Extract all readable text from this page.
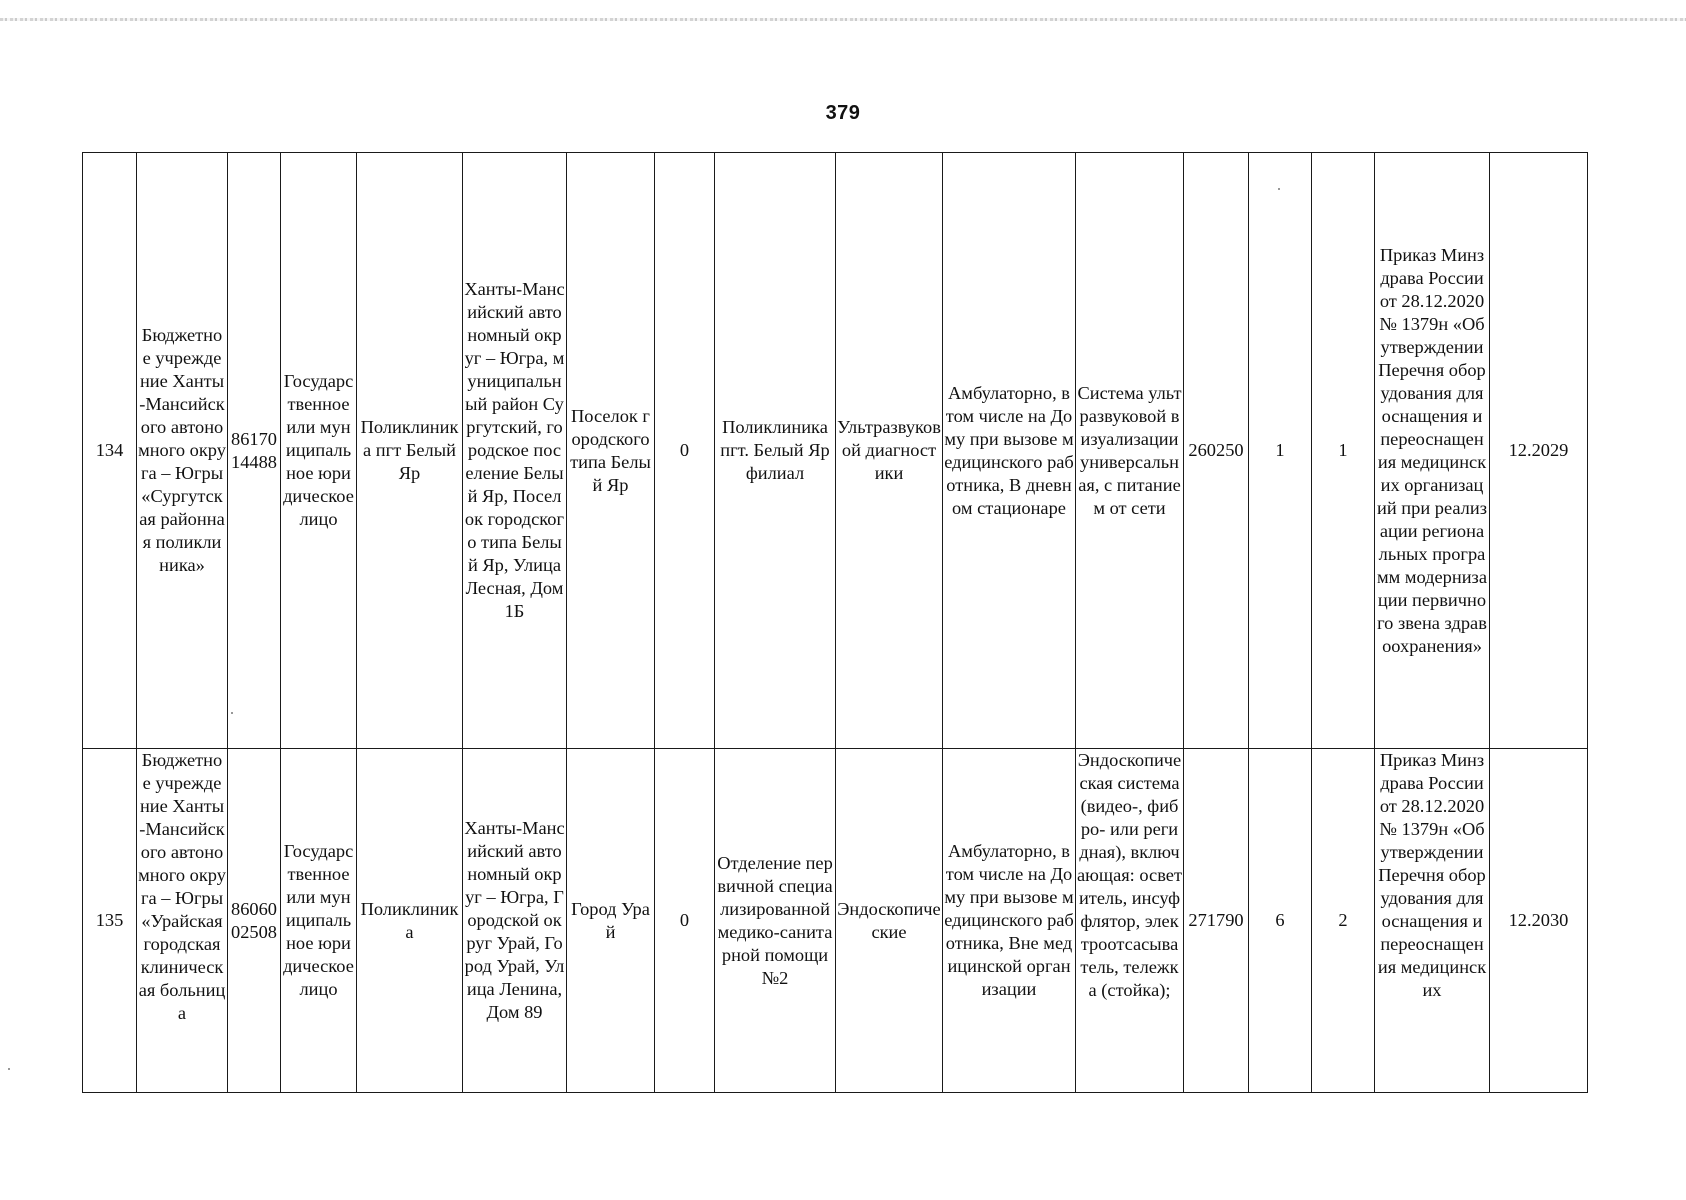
379
134	Бюджетное учреждение Ханты-Мансийского автономного округа – Югры «Сургутская районная поликлиника»	8617014488	Государственное или муниципальное юридическое лицо	Поликлиника пгт Белый Яр	Ханты-Мансийский автономный округ – Югра, муниципальный район Сургутский, городское поселение Белый Яр, Поселок городского типа Белый Яр, Улица Лесная, Дом 1Б	Поселок городского типа Белый Яр	0	Поликлиника пгт. Белый Яр филиал	Ультразвуковой диагностики	Амбулаторно, в том числе на Дому при вызове медицинского работника, В дневном стационаре	Система ультразвуковой визуализации универсальная, с питанием от сети	260250	1	1	Приказ Минздрава России от 28.12.2020 № 1379н «Об утверждении Перечня оборудования для оснащения и переоснащения медицинских организаций при реализации региональных программ модернизации первичного звена здравоохранения»	12.2029
135	Бюджетное учреждение Ханты-Мансийского автономного округа – Югры «Урайская городская клиническая больница	8606002508	Государственное или муниципальное юридическое лицо	Поликлиника	Ханты-Мансийский автономный округ – Югра, Городской округ Урай, Город Урай, Улица Ленина, Дом 89	Город Урай	0	Отделение первичной специализированной медико-санитарной помощи №2	Эндоскопические	Амбулаторно, в том числе на Дому при вызове медицинского работника, Вне медицинской организации	Эндоскопическая система (видео-, фибро- или регидная), включающая: осветитель, инсуффлятор, электроотсасыватель, тележка (стойка);	271790	6	2	Приказ Минздрава России от 28.12.2020 № 1379н «Об утверждении Перечня оборудования для оснащения и переоснащения медицинских	12.2030
